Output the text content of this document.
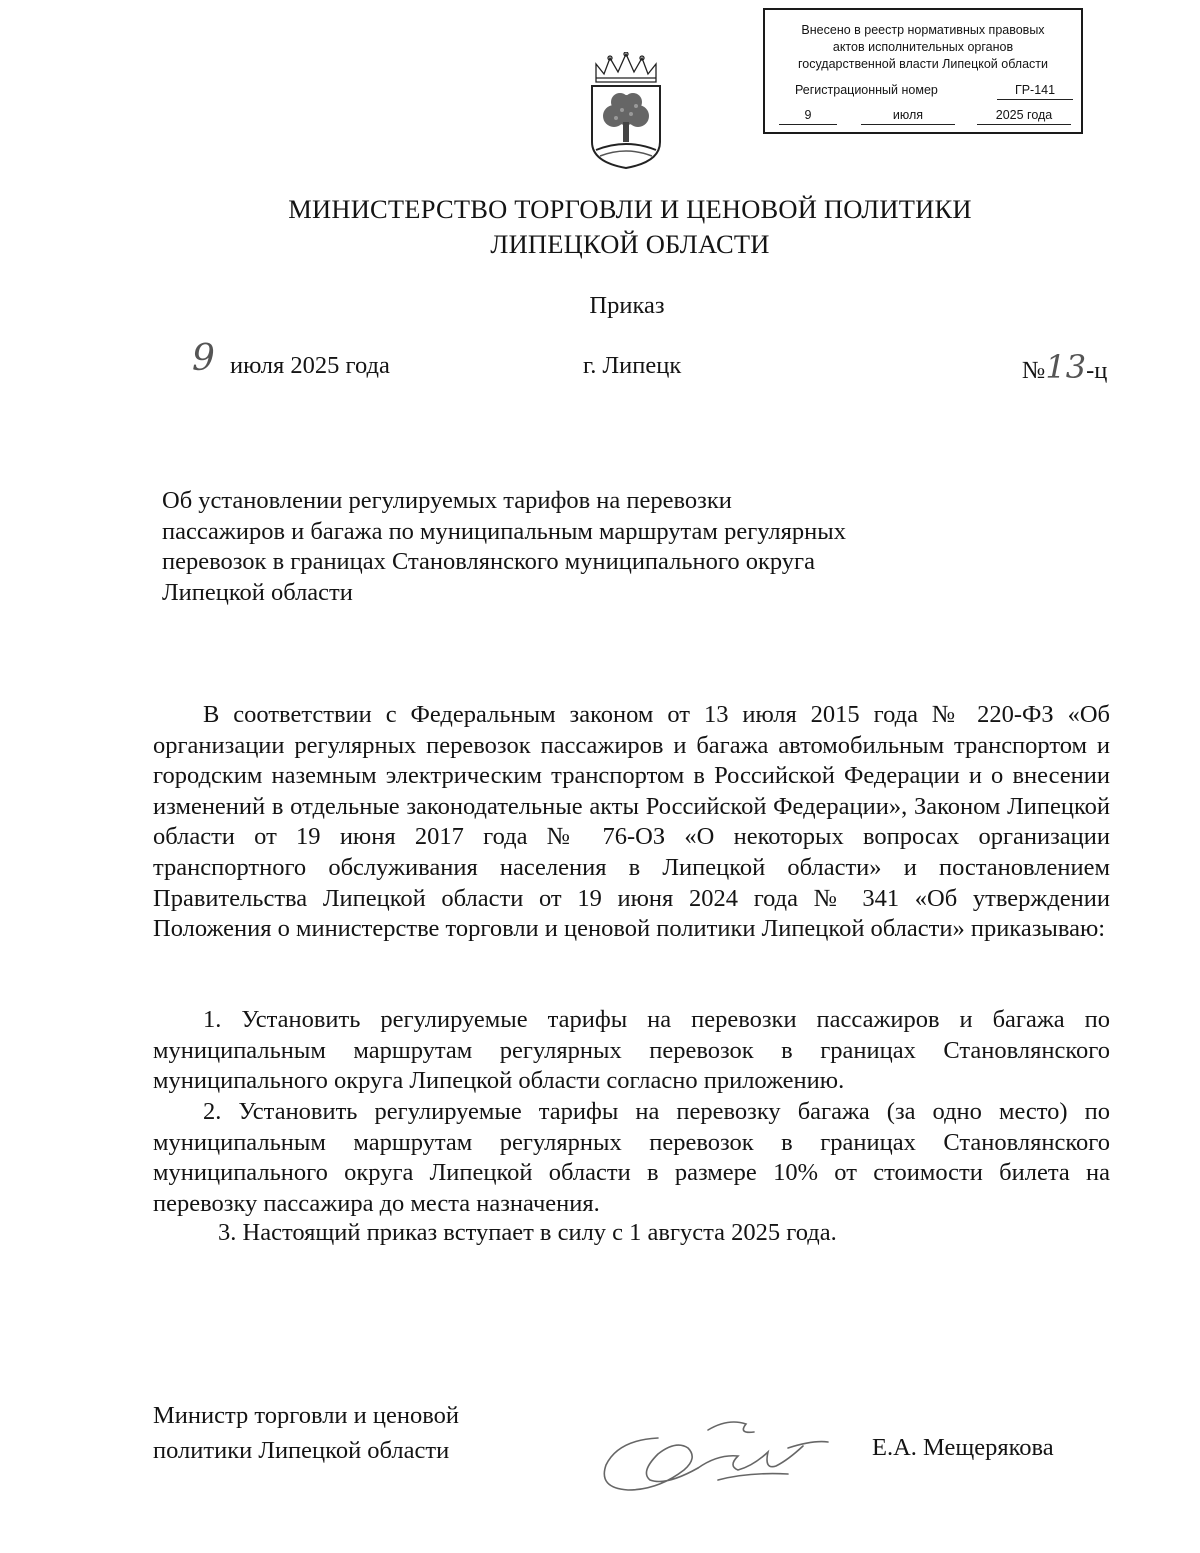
Внесено в реестр нормативных правовых
актов исполнительных органов
государственной власти Липецкой области
Регистрационный номер	ГР-141
9	июля	2025 года
МИНИСТЕРСТВО ТОРГОВЛИ И ЦЕНОВОЙ ПОЛИТИКИ
ЛИПЕЦКОЙ ОБЛАСТИ
Приказ
9 июля 2025 года	г. Липецк	№13-ц
Об установлении регулируемых тарифов на перевозки
пассажиров и багажа по муниципальным маршрутам регулярных
перевозок в границах Становлянского муниципального округа
Липецкой области
В соответствии с Федеральным законом от 13 июля 2015 года № 220-ФЗ «Об организации регулярных перевозок пассажиров и багажа автомобильным транспортом и городским наземным электрическим транспортом в Российской Федерации и о внесении изменений в отдельные законодательные акты Российской Федерации», Законом Липецкой области от 19 июня 2017 года № 76-ОЗ «О некоторых вопросах организации транспортного обслуживания населения в Липецкой области» и постановлением Правительства Липецкой области от 19 июня 2024 года № 341 «Об утверждении Положения о министерстве торговли и ценовой политики Липецкой области» приказываю:
1. Установить регулируемые тарифы на перевозки пассажиров и багажа по муниципальным маршрутам регулярных перевозок в границах Становлянского муниципального округа Липецкой области согласно приложению.
2. Установить регулируемые тарифы на перевозку багажа (за одно место) по муниципальным маршрутам регулярных перевозок в границах Становлянского муниципального округа Липецкой области в размере 10% от стоимости билета на перевозку пассажира до места назначения.
3. Настоящий приказ вступает в силу с 1 августа 2025 года.
Министр торговли и ценовой
политики Липецкой области	Е.А. Мещерякова
